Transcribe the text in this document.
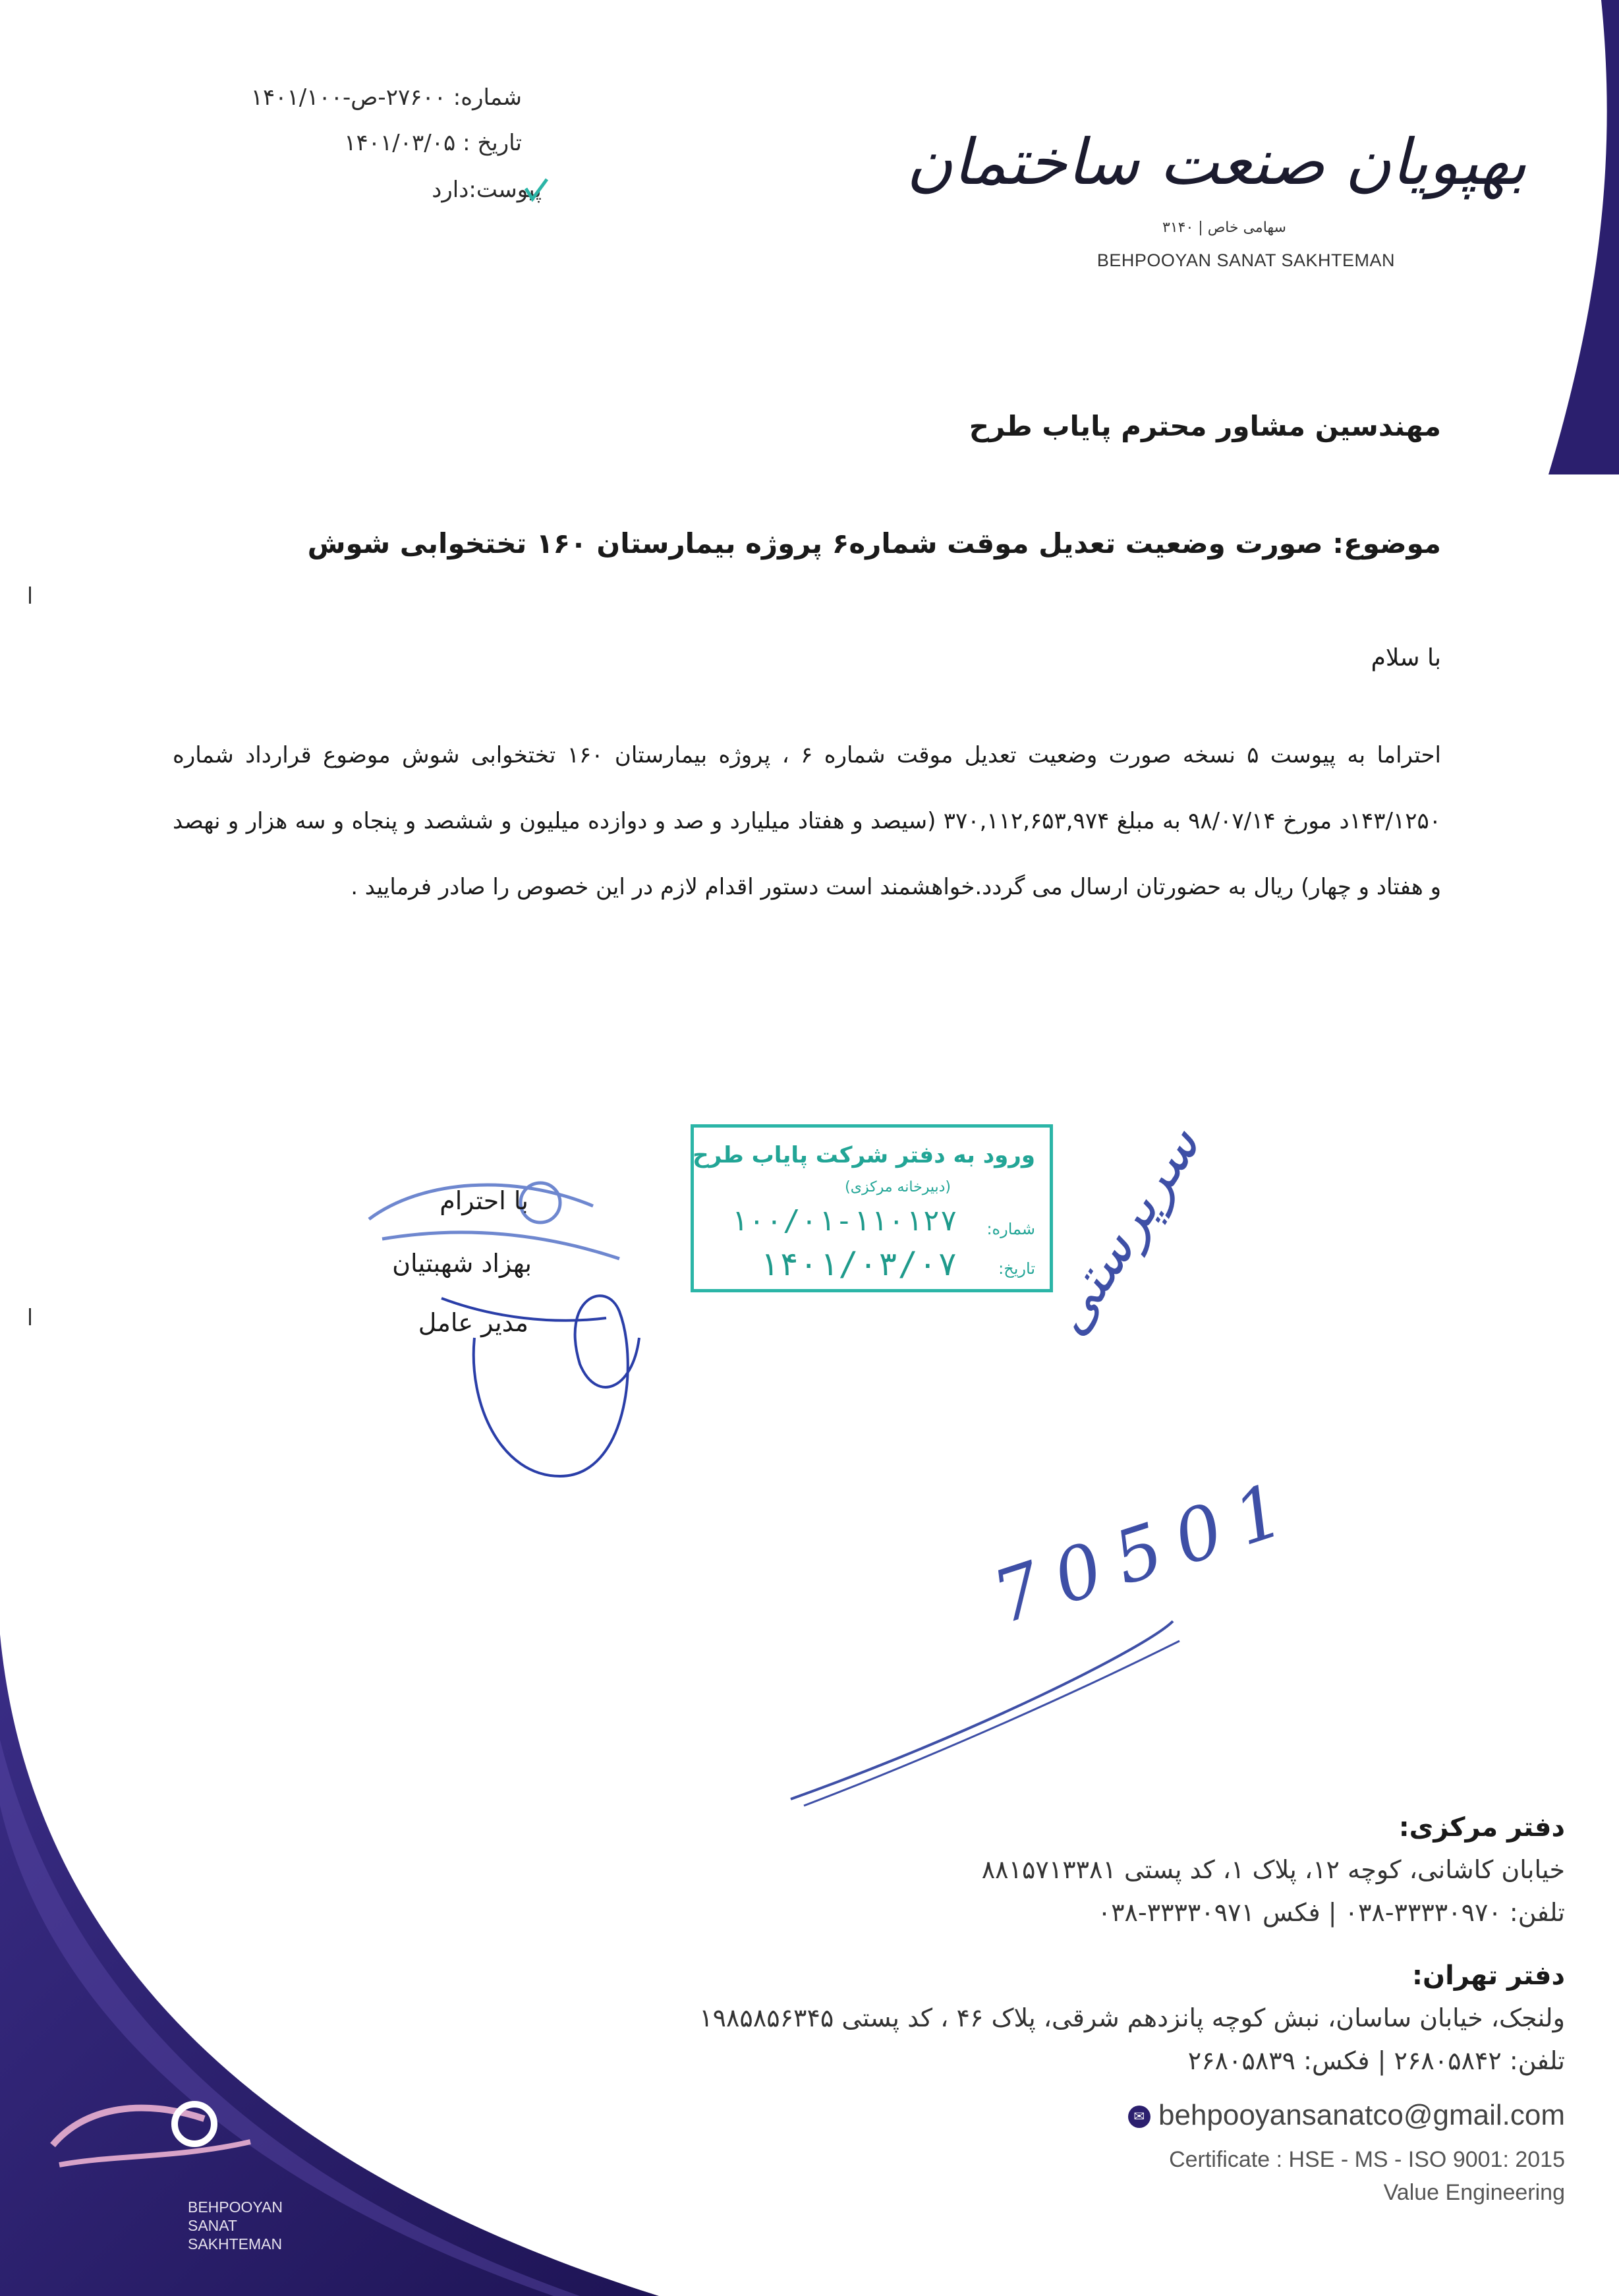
شماره: ۲۷۶۰۰-ص-۱۴۰۱/۱۰۰
تاریخ : ۱۴۰۱/۰۳/۰۵
پیوست:دارد	بهپویان صنعت ساختمان
سهامی خاص | ۳۱۴۰
BEHPOOYAN SANAT SAKHTEMAN
مهندسین مشاور محترم پایاب طرح
موضوع: صورت وضعیت تعدیل موقت شماره۶ پروژه بیمارستان ۱۶۰ تختخوابی شوش
با سلام
احتراما به پیوست ۵ نسخه صورت وضعیت تعدیل موقت شماره ۶ ، پروژه بیمارستان ۱۶۰ تختخوابی شوش موضوع قرارداد شماره ۱۴۳/۱۲۵۰د مورخ ۹۸/۰۷/۱۴ به مبلغ ۳۷۰,۱۱۲,۶۵۳,۹۷۴ (سیصد و هفتاد میلیارد و صد و دوازده میلیون و ششصد و پنجاه و سه هزار و نهصد و هفتاد و چهار) ریال به حضورتان ارسال می گردد.خواهشمند است دستور اقدام لازم در این خصوص را صادر فرمایید .
با احترام
بهزاد شهبتیان
مدیر عامل
ورود به دفتر شرکت پایاب طرح
(دبیرخانه مرکزی)
شماره:
۱۰۰/۰۱-۱۱۰۱۲۷
تاریخ:
۱۴۰۱/۰۳/۰۷ سرپرستی
70501
دفتر مرکزی:
خیابان کاشانی، کوچه ۱۲، پلاک ۱، کد پستی ۸۸۱۵۷۱۳۳۸۱
تلفن: ۳۳۳۳۰۹۷۰-۰۳۸ | فکس ۳۳۳۳۰۹۷۱-۰۳۸
دفتر تهران:
ولنجک، خیابان ساسان، نبش کوچه پانزدهم شرقی، پلاک ۴۶ ، کد پستی ۱۹۸۵۸۵۶۳۴۵
تلفن: ۲۶۸۰۵۸۴۲ | فکس: ۲۶۸۰۵۸۳۹
✉ behpooyansanatco@gmail.com
Certificate : HSE - MS - ISO 9001: 2015
Value Engineering
BEHPOOYAN
SANAT
SAKHTEMAN
